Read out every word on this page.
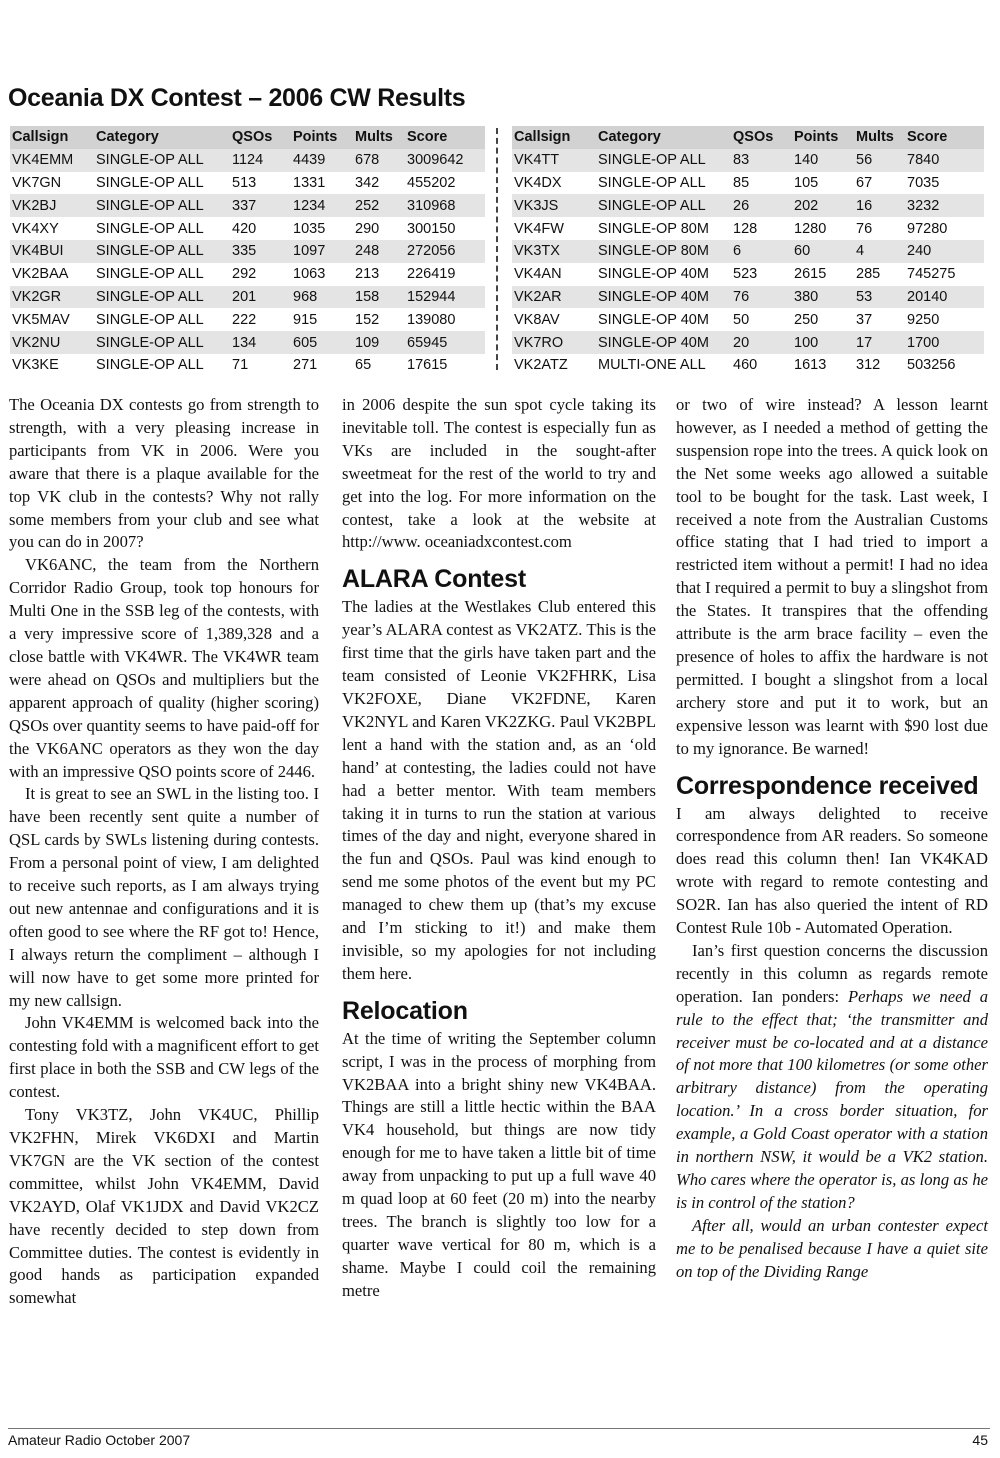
Oceania DX Contest – 2006 CW Results
Callsign	Category	QSOs	Points	Mults	Score
VK4EMM	SINGLE-OP ALL	1124	4439	678	3009642
VK7GN	SINGLE-OP ALL	513	1331	342	455202
VK2BJ	SINGLE-OP ALL	337	1234	252	310968
VK4XY	SINGLE-OP ALL	420	1035	290	300150
VK4BUI	SINGLE-OP ALL	335	1097	248	272056
VK2BAA	SINGLE-OP ALL	292	1063	213	226419
VK2GR	SINGLE-OP ALL	201	968	158	152944
VK5MAV	SINGLE-OP ALL	222	915	152	139080
VK2NU	SINGLE-OP ALL	134	605	109	65945
VK3KE	SINGLE-OP ALL	71	271	65	17615
Callsign	Category	QSOs	Points	Mults	Score
VK4TT	SINGLE-OP ALL	83	140	56	7840
VK4DX	SINGLE-OP ALL	85	105	67	7035
VK3JS	SINGLE-OP ALL	26	202	16	3232
VK4FW	SINGLE-OP 80M	128	1280	76	97280
VK3TX	SINGLE-OP 80M	6	60	4	240
VK4AN	SINGLE-OP 40M	523	2615	285	745275
VK2AR	SINGLE-OP 40M	76	380	53	20140
VK8AV	SINGLE-OP 40M	50	250	37	9250
VK7RO	SINGLE-OP 40M	20	100	17	1700
VK2ATZ	MULTI-ONE ALL	460	1613	312	503256

The Oceania DX contests go from strength to strength, with a very pleasing increase in participants from VK in 2006. Were you aware that there is a plaque available for the top VK club in the contests? Why not rally some members from your club and see what you can do in 2007?

VK6ANC, the team from the Northern Corridor Radio Group, took top honours for Multi One in the SSB leg of the contests, with a very impressive score of 1,389,328 and a close battle with VK4WR. The VK4WR team were ahead on QSOs and multipliers but the apparent approach of quality (higher scoring) QSOs over quantity seems to have paid-off for the VK6ANC operators as they won the day with an impressive QSO points score of 2446.

It is great to see an SWL in the listing too. I have been recently sent quite a number of QSL cards by SWLs listening during contests. From a personal point of view, I am delighted to receive such reports, as I am always trying out new antennae and configurations and it is often good to see where the RF got to! Hence, I always return the compliment – although I will now have to get some more printed for my new callsign.

John VK4EMM is welcomed back into the contesting fold with a magnificent effort to get first place in both the SSB and CW legs of the contest.

Tony VK3TZ, John VK4UC, Phillip VK2FHN, Mirek VK6DXI and Martin VK7GN are the VK section of the contest committee, whilst John VK4EMM, David VK2AYD, Olaf VK1JDX and David VK2CZ have recently decided to step down from Committee duties. The contest is evidently in good hands as participation expanded somewhat

in 2006 despite the sun spot cycle taking its inevitable toll. The contest is especially fun as VKs are included in the sought-after sweetmeat for the rest of the world to try and get into the log. For more information on the contest, take a look at the website at http://www. oceaniadxcontest.com

ALARA Contest

The ladies at the Westlakes Club entered this year’s ALARA contest as VK2ATZ. This is the first time that the girls have taken part and the team consisted of Leonie VK2FHRK, Lisa VK2FOXE, Diane VK2FDNE, Karen VK2NYL and Karen VK2ZKG. Paul VK2BPL lent a hand with the station and, as an ‘old hand’ at contesting, the ladies could not have had a better mentor. With team members taking it in turns to run the station at various times of the day and night, everyone shared in the fun and QSOs. Paul was kind enough to send me some photos of the event but my PC managed to chew them up (that’s my excuse and I’m sticking to it!) and make them invisible, so my apologies for not including them here.

Relocation

At the time of writing the September column script, I was in the process of morphing from VK2BAA into a bright shiny new VK4BAA. Things are still a little hectic within the BAA VK4 household, but things are now tidy enough for me to have taken a little bit of time away from unpacking to put up a full wave 40 m quad loop at 60 feet (20 m) into the nearby trees. The branch is slightly too low for a quarter wave vertical for 80 m, which is a shame. Maybe I could coil the remaining metre

or two of wire instead? A lesson learnt however, as I needed a method of getting the suspension rope into the trees. A quick look on the Net some weeks ago allowed a suitable tool to be bought for the task. Last week, I received a note from the Australian Customs office stating that I had tried to import a restricted item without a permit! I had no idea that I required a permit to buy a slingshot from the States. It transpires that the offending attribute is the arm brace facility – even the presence of holes to affix the hardware is not permitted. I bought a slingshot from a local archery store and put it to work, but an expensive lesson was learnt with $90 lost due to my ignorance. Be warned!

Correspondence received

I am always delighted to receive correspondence from AR readers. So someone does read this column then! Ian VK4KAD wrote with regard to remote contesting and SO2R. Ian has also queried the intent of RD Contest Rule 10b - Automated Operation.

Ian’s first question concerns the discussion recently in this column as regards remote operation. Ian ponders: Perhaps we need a rule to the effect that; ‘the transmitter and receiver must be co-located and at a distance of not more that 100 kilometres (or some other arbitrary distance) from the operating location.’ In a cross border situation, for example, a Gold Coast operator with a station in northern NSW, it would be a VK2 station. Who cares where the operator is, as long as he is in control of the station?

After all, would an urban contester expect me to be penalised because I have a quiet site on top of the Dividing Range

Amateur Radio October 2007	45
